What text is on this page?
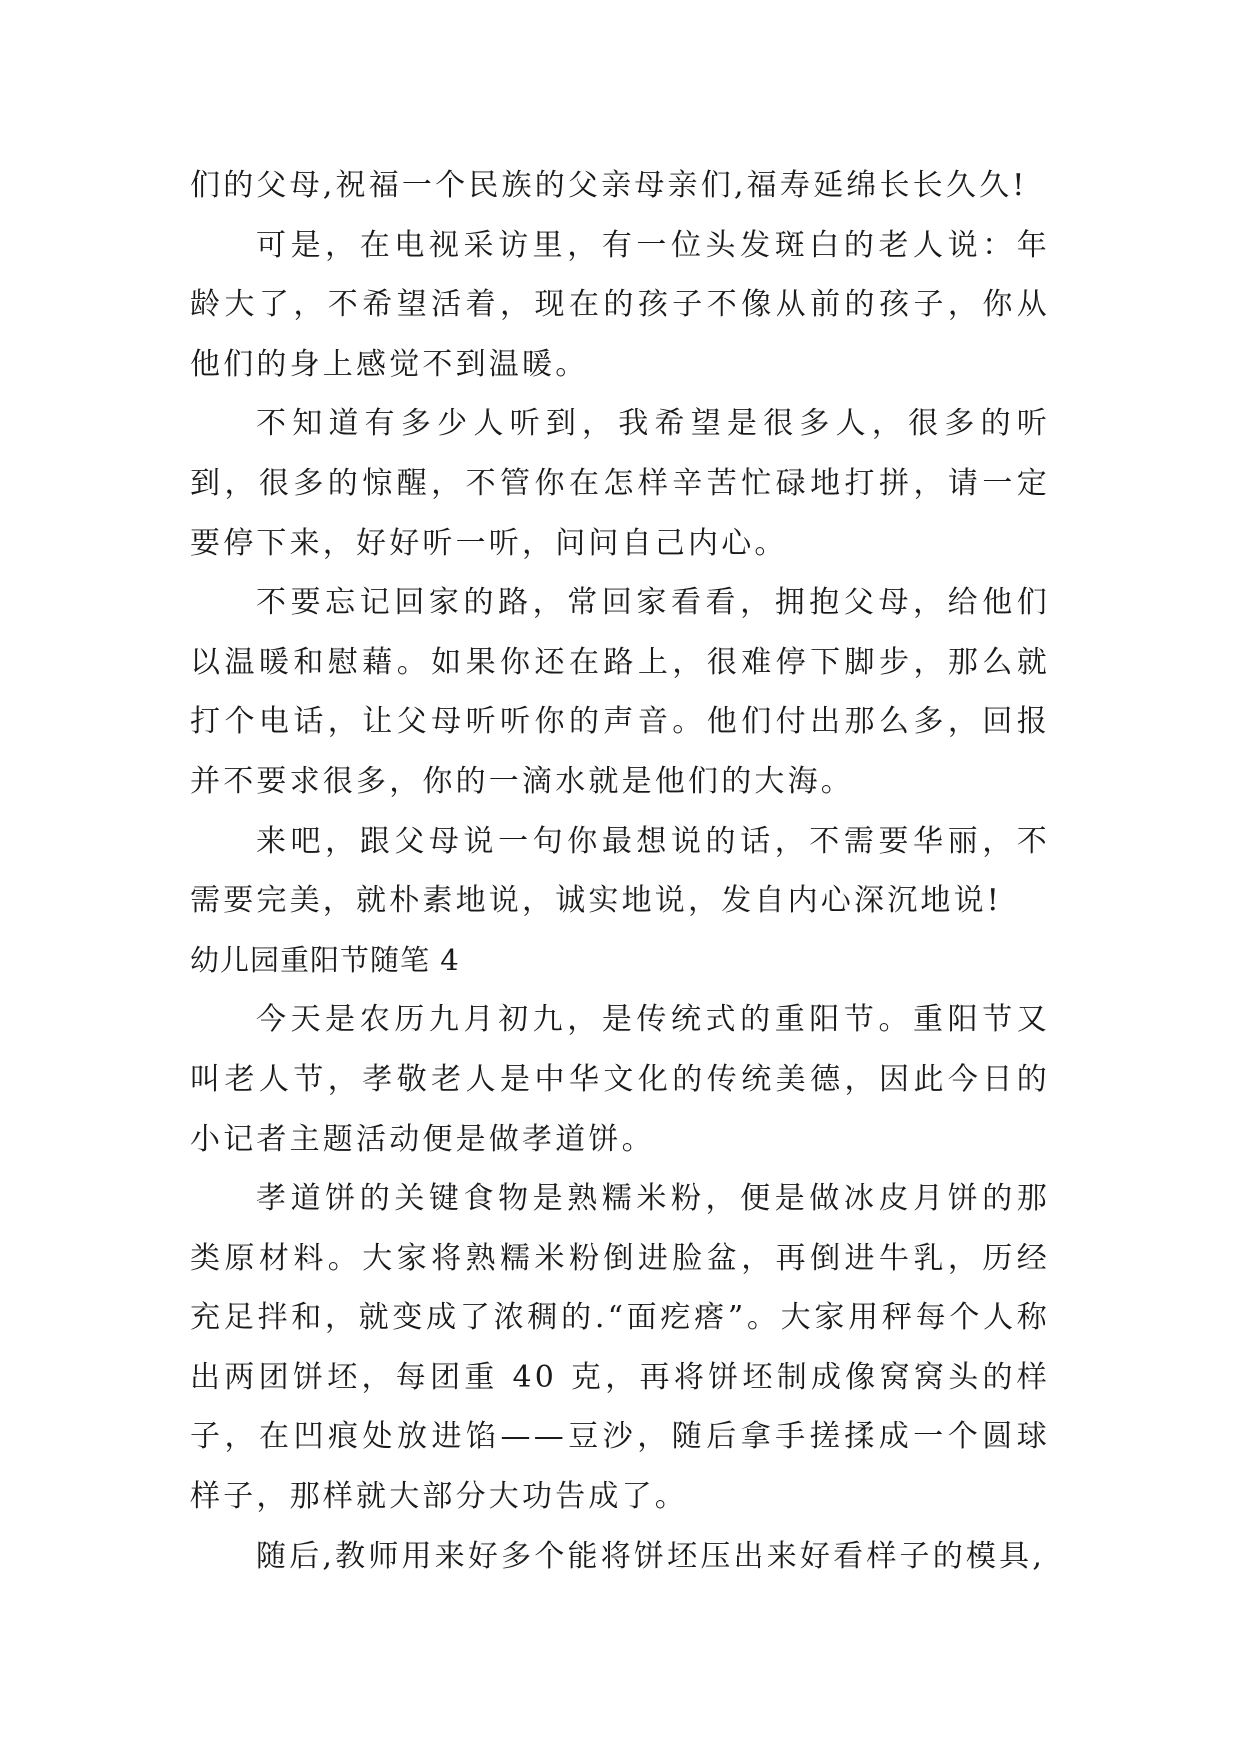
们的父母,祝福一个民族的父亲母亲们,福寿延绵长长久久!

可是，在电视采访里，有一位头发斑白的老人说：年龄大了，不希望活着，现在的孩子不像从前的孩子，你从他们的身上感觉不到温暖。

不知道有多少人听到，我希望是很多人，很多的听到，很多的惊醒，不管你在怎样辛苦忙碌地打拼，请一定要停下来，好好听一听，问问自己内心。

不要忘记回家的路，常回家看看，拥抱父母，给他们以温暖和慰藉。如果你还在路上，很难停下脚步，那么就打个电话，让父母听听你的声音。他们付出那么多，回报并不要求很多，你的一滴水就是他们的大海。

来吧，跟父母说一句你最想说的话，不需要华丽，不需要完美，就朴素地说，诚实地说，发自内心深沉地说!

幼儿园重阳节随笔 4

今天是农历九月初九，是传统式的重阳节。重阳节又叫老人节，孝敬老人是中华文化的传统美德，因此今日的小记者主题活动便是做孝道饼。

孝道饼的关键食物是熟糯米粉，便是做冰皮月饼的那类原材料。大家将熟糯米粉倒进脸盆，再倒进牛乳，历经充足拌和，就变成了浓稠的.“面疙瘩”。大家用秤每个人称出两团饼坯，每团重 40 克，再将饼坯制成像窝窝头的样子，在凹痕处放进馅——豆沙，随后拿手搓揉成一个圆球样子，那样就大部分大功告成了。

随后,教师用来好多个能将饼坯压出来好看样子的模具,
